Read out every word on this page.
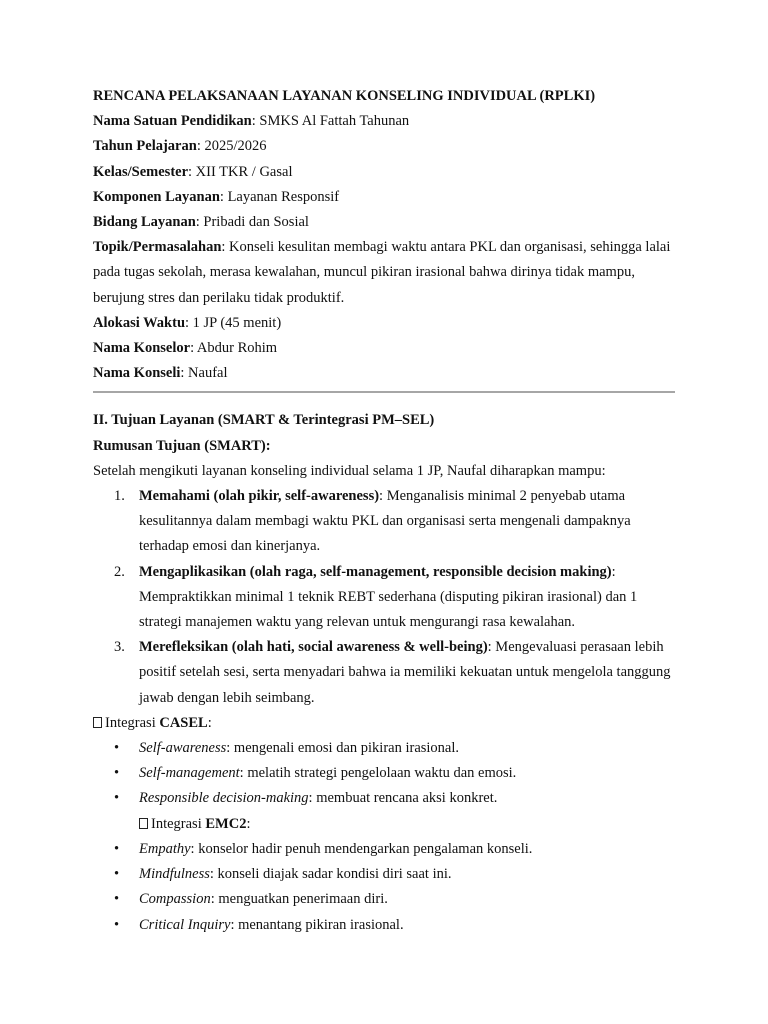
RENCANA PELAKSANAAN LAYANAN KONSELING INDIVIDUAL (RPLKI)
Nama Satuan Pendidikan: SMKS Al Fattah Tahunan
Tahun Pelajaran: 2025/2026
Kelas/Semester: XII TKR / Gasal
Komponen Layanan: Layanan Responsif
Bidang Layanan: Pribadi dan Sosial
Topik/Permasalahan: Konseli kesulitan membagi waktu antara PKL dan organisasi, sehingga lalai pada tugas sekolah, merasa kewalahan, muncul pikiran irasional bahwa dirinya tidak mampu, berujung stres dan perilaku tidak produktif.
Alokasi Waktu: 1 JP (45 menit)
Nama Konselor: Abdur Rohim
Nama Konseli: Naufal
II. Tujuan Layanan (SMART & Terintegrasi PM–SEL)
Rumusan Tujuan (SMART):
Setelah mengikuti layanan konseling individual selama 1 JP, Naufal diharapkan mampu:
1. Memahami (olah pikir, self-awareness): Menganalisis minimal 2 penyebab utama kesulitannya dalam membagi waktu PKL dan organisasi serta mengenali dampaknya terhadap emosi dan kinerjanya.
2. Mengaplikasikan (olah raga, self-management, responsible decision making): Mempraktikkan minimal 1 teknik REBT sederhana (disputing pikiran irasional) dan 1 strategi manajemen waktu yang relevan untuk mengurangi rasa kewalahan.
3. Merefleksikan (olah hati, social awareness & well-being): Mengevaluasi perasaan lebih positif setelah sesi, serta menyadari bahwa ia memiliki kekuatan untuk mengelola tanggung jawab dengan lebih seimbang.
Integrasi CASEL:
• Self-awareness: mengenali emosi dan pikiran irasional.
• Self-management: melatih strategi pengelolaan waktu dan emosi.
• Responsible decision-making: membuat rencana aksi konkret.
Integrasi EMC2:
• Empathy: konselor hadir penuh mendengarkan pengalaman konseli.
• Mindfulness: konseli diajak sadar kondisi diri saat ini.
• Compassion: menguatkan penerimaan diri.
• Critical Inquiry: menantang pikiran irasional.
